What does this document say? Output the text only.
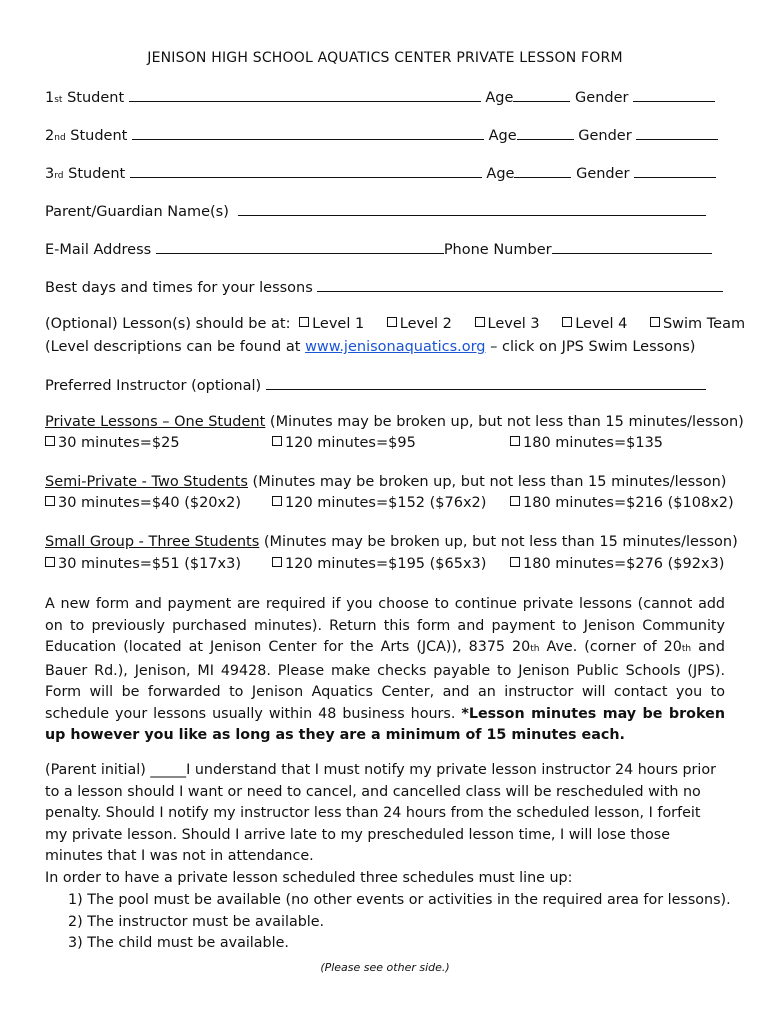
JENISON HIGH SCHOOL AQUATICS CENTER PRIVATE LESSON FORM
1st Student	Age	Gender
2nd Student	Age	Gender
3rd Student	Age	Gender
Parent/Guardian Name(s)
E-Mail Address	Phone Number
Best days and times for your lessons
(Optional) Lesson(s) should be at: Level 1 Level 2 Level 3 Level 4 Swim Team
(Level descriptions can be found at www.jenisonaquatics.org – click on JPS Swim Lessons)
Preferred Instructor (optional)
Private Lessons – One Student (Minutes may be broken up, but not less than 15 minutes/lesson)
30 minutes=$25	120 minutes=$95	180 minutes=$135
Semi-Private - Two Students (Minutes may be broken up, but not less than 15 minutes/lesson)
30 minutes=$40 ($20x2)	120 minutes=$152 ($76x2)	180 minutes=$216 ($108x2)
Small Group - Three Students (Minutes may be broken up, but not less than 15 minutes/lesson)
30 minutes=$51 ($17x3)	120 minutes=$195 ($65x3)	180 minutes=$276 ($92x3)
A new form and payment are required if you choose to continue private lessons (cannot add on to previously purchased minutes). Return this form and payment to Jenison Community Education (located at Jenison Center for the Arts (JCA)), 8375 20th Ave. (corner of 20th and Bauer Rd.), Jenison, MI 49428. Please make checks payable to Jenison Public Schools (JPS). Form will be forwarded to Jenison Aquatics Center, and an instructor will contact you to schedule your lessons usually within 48 business hours. *Lesson minutes may be broken up however you like as long as they are a minimum of 15 minutes each.
(Parent initial) _____I understand that I must notify my private lesson instructor 24 hours prior to a lesson should I want or need to cancel, and cancelled class will be rescheduled with no penalty. Should I notify my instructor less than 24 hours from the scheduled lesson, I forfeit my private lesson. Should I arrive late to my prescheduled lesson time, I will lose those minutes that I was not in attendance.
In order to have a private lesson scheduled three schedules must line up:
1) The pool must be available (no other events or activities in the required area for lessons).
2) The instructor must be available.
3) The child must be available.
(Please see other side.)
